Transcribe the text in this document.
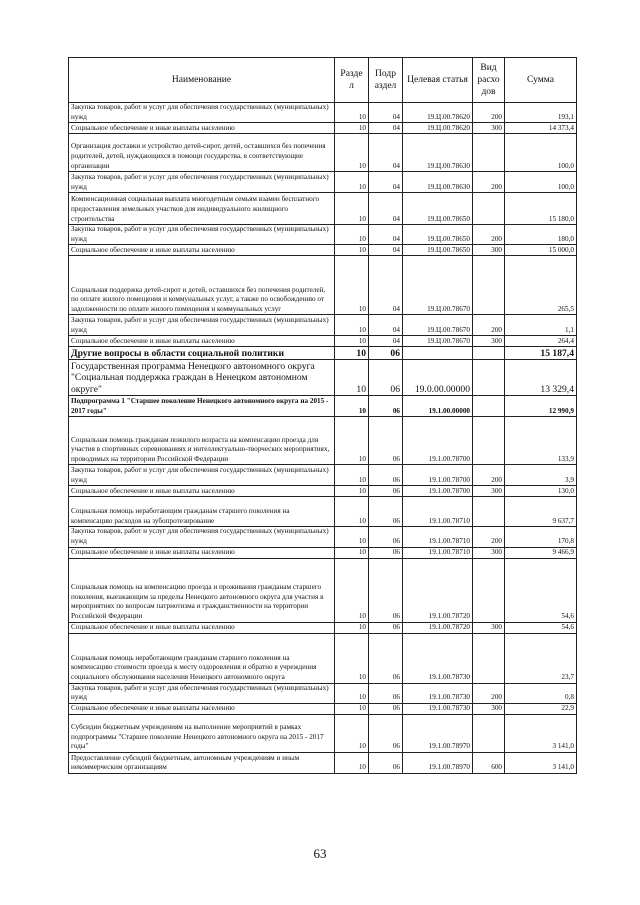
Наименование	Разде л	Подр аздел	Целевая статья	Вид расхо дов	Сумма
Закупка товаров, работ и услуг для обеспечения государственных (муниципальных) нужд	10	04	19.Ц.00.78620	200	193,1
Социальное обеспечение и иные выплаты населению	10	04	19.Ц.00.78620	300	14 373,4
Организация доставки и устройство детей-сирот, детей, оставшихся без попечения родителей, детей, нуждающихся в помощи государства, в соответствующие организации	10	04	19.Ц.00.78630		100,0
Закупка товаров, работ и услуг для обеспечения государственных (муниципальных) нужд	10	04	19.Ц.00.78630	200	100,0
Компенсационная социальная выплата многодетным семьям взамен бесплатного предоставления земельных участков для индивидуального жилищного строительства	10	04	19.Ц.00.78650		15 180,0
Закупка товаров, работ и услуг для обеспечения государственных (муниципальных) нужд	10	04	19.Ц.00.78650	200	180,0
Социальное обеспечение и иные выплаты населению	10	04	19.Ц.00.78650	300	15 000,0
Социальная поддержка детей-сирот и детей, оставшихся без попечения родителей, по оплате жилого помещения и коммунальных услуг, а также по освобождению от задолженности по оплате жилого помещения и коммунальных услуг	10	04	19.Ц.00.78670		265,5
Закупка товаров, работ и услуг для обеспечения государственных (муниципальных) нужд	10	04	19.Ц.00.78670	200	1,1
Социальное обеспечение и иные выплаты населению	10	04	19.Ц.00.78670	300	264,4
Другие вопросы в области социальной политики	10	06			15 187,4
Государственная программа Ненецкого автономного округа "Социальная поддержка граждан в Ненецком автономном округе"	10	06	19.0.00.00000		13 329,4
Подпрограмма 1 "Старшее поколение Ненецкого автономного округа на 2015 - 2017 годы"	10	06	19.1.00.00000		12 990,9
Социальная помощь гражданам пожилого возраста на компенсацию проезда для участия в спортивных соревнованиях и интеллектуально-творческих мероприятиях, проводимых на территории Российской Федерации	10	06	19.1.00.78700		133,9
Закупка товаров, работ и услуг для обеспечения государственных (муниципальных) нужд	10	06	19.1.00.78700	200	3,9
Социальное обеспечение и иные выплаты населению	10	06	19.1.00.78700	300	130,0
Социальная помощь неработающим гражданам старшего поколения на компенсацию расходов на зубопротезирование	10	06	19.1.00.78710		9 637,7
Закупка товаров, работ и услуг для обеспечения государственных (муниципальных) нужд	10	06	19.1.00.78710	200	170,8
Социальное обеспечение и иные выплаты населению	10	06	19.1.00.78710	300	9 466,9
Социальная помощь на компенсацию проезда и проживания гражданам старшего поколения, выезжающим за пределы Ненецкого автономного округа для участия в мероприятиях по вопросам патриотизма и гражданственности на территории Российской Федерации	10	06	19.1.00.78720		54,6
Социальное обеспечение и иные выплаты населению	10	06	19.1.00.78720	300	54,6
Социальная помощь неработающим гражданам старшего поколения на компенсацию стоимости проезда к месту оздоровления и обратно в учреждения социального обслуживания населения Ненецкого автономного округа	10	06	19.1.00.78730		23,7
Закупка товаров, работ и услуг для обеспечения государственных (муниципальных) нужд	10	06	19.1.00.78730	200	0,8
Социальное обеспечение и иные выплаты населению	10	06	19.1.00.78730	300	22,9
Субсидии бюджетным учреждениям на выполнение мероприятий в рамках подпрограммы "Старшее поколение Ненецкого автономного округа на 2015 - 2017 годы"	10	06	19.1.00.78970		3 141,0
Предоставление субсидий бюджетным, автономным учреждениям и иным некоммерческим организациям	10	06	19.1.00.78970	600	3 141,0
63
